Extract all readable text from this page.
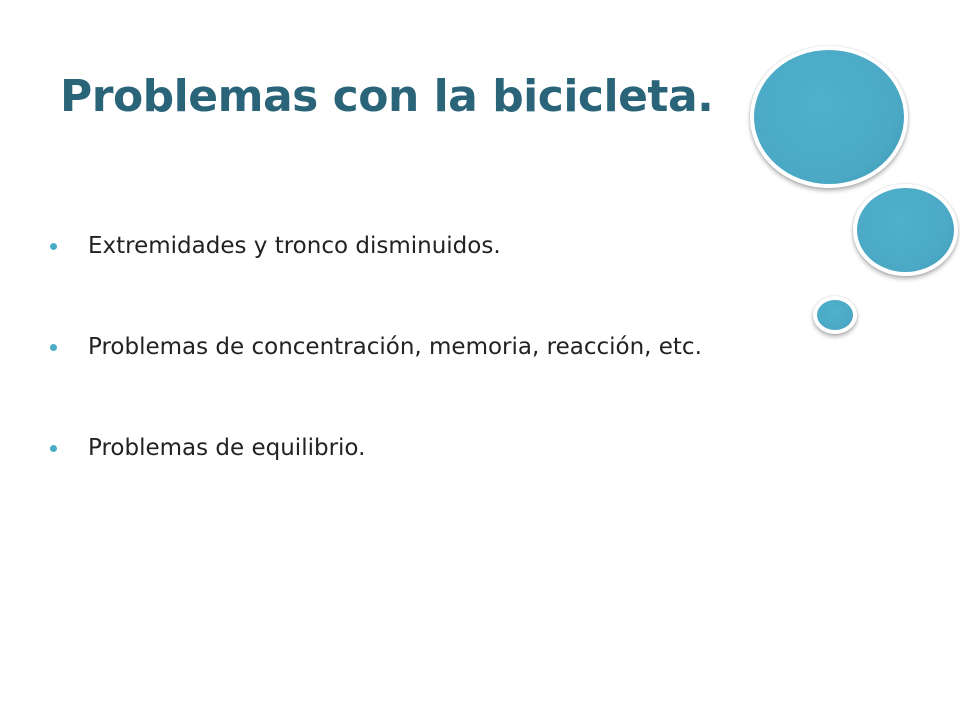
Problemas con la bicicleta.
Extremidades y tronco disminuidos.
Problemas de concentración, memoria, reacción, etc.
Problemas de equilibrio.
